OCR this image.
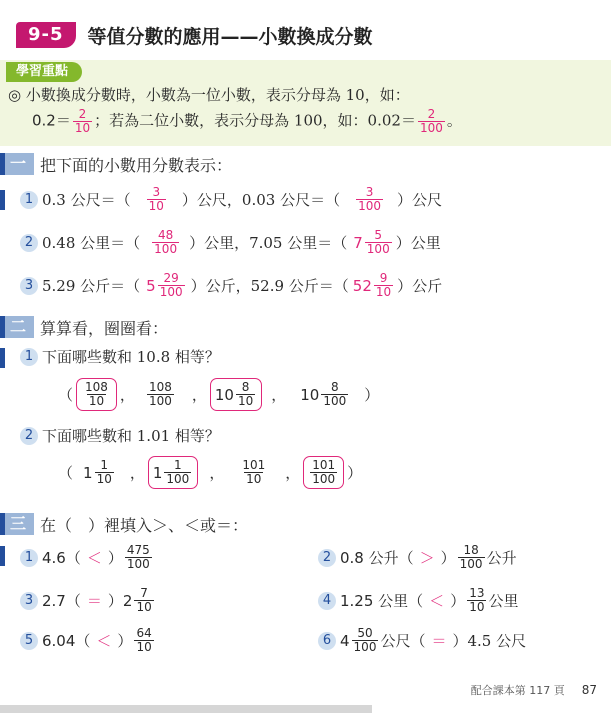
9-5	等值分數的應用——小數換成分數
學習重點
◎ 小數換成分數時，小數為一位小數，表示分母為 10，如：
$0.2= \frac{2}{10}$ ；若為二位小數，表示分母為 100，如：$0.02= \frac{2}{100}$ 。
一 把下面的小數用分數表示：
1 0.3 公尺＝（ $\frac{3}{10}$ ）公尺，0.03 公尺＝（ $\frac{3}{100}$ ）公尺
2 0.48 公里＝（ $\frac{48}{100}$ ）公里，7.05 公里＝（ $7 \frac{5}{100}$ ）公里
3 5.29 公斤＝（ $5 \frac{29}{100}$ ）公斤，52.9 公斤＝（ $52 \frac{9}{10}$ ）公斤
二 算算看，圈圈看：
1 下面哪些數和 10.8 相等？
（ $\frac{108}{10}$ ， $\frac{108}{100}$ ， $10 \frac{8}{10}$ ， $10 \frac{8}{100}$ ）
2 下面哪些數和 1.01 相等？
（ $1 \frac{1}{10}$ ， $1 \frac{1}{100}$ ， $\frac{101}{10}$ ， $\frac{101}{100}$ ）
三 在（　）裡填入＞、＜或＝：
1 4.6（ ＜ ） $\frac{475}{100}$	2 0.8 公升（ ＞ ） $\frac{18}{100}$ 公升
3 2.7（ ＝ ） $2 \frac{7}{10}$	4 1.25 公里（ ＜ ） $\frac{13}{10}$ 公里
5 6.04（ ＜ ） $\frac{64}{10}$	6 $4 \frac{50}{100}$ 公尺（ ＝ ）4.5 公尺
配合課本第 117 頁 87
